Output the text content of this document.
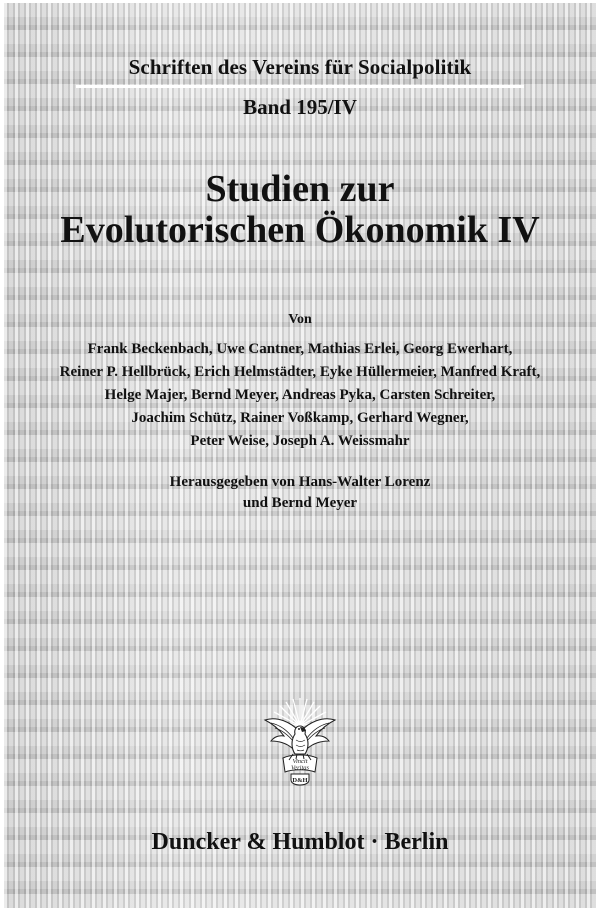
Schriften des Vereins für Socialpolitik
Band 195/IV
Studien zur
Evolutorischen Ökonomik IV
Von
Frank Beckenbach, Uwe Cantner, Mathias Erlei, Georg Ewerhart,
Reiner P. Hellbrück, Erich Helmstädter, Eyke Hüllermeier, Manfred Kraft,
Helge Majer, Bernd Meyer, Andreas Pyka, Carsten Schreiter,
Joachim Schütz, Rainer Voßkamp, Gerhard Wegner,
Peter Weise, Joseph A. Weissmahr
Herausgegeben von Hans-Walter Lorenz
und Bernd Meyer
Vincit
Veritas
D&H
Duncker & Humblot · Berlin
